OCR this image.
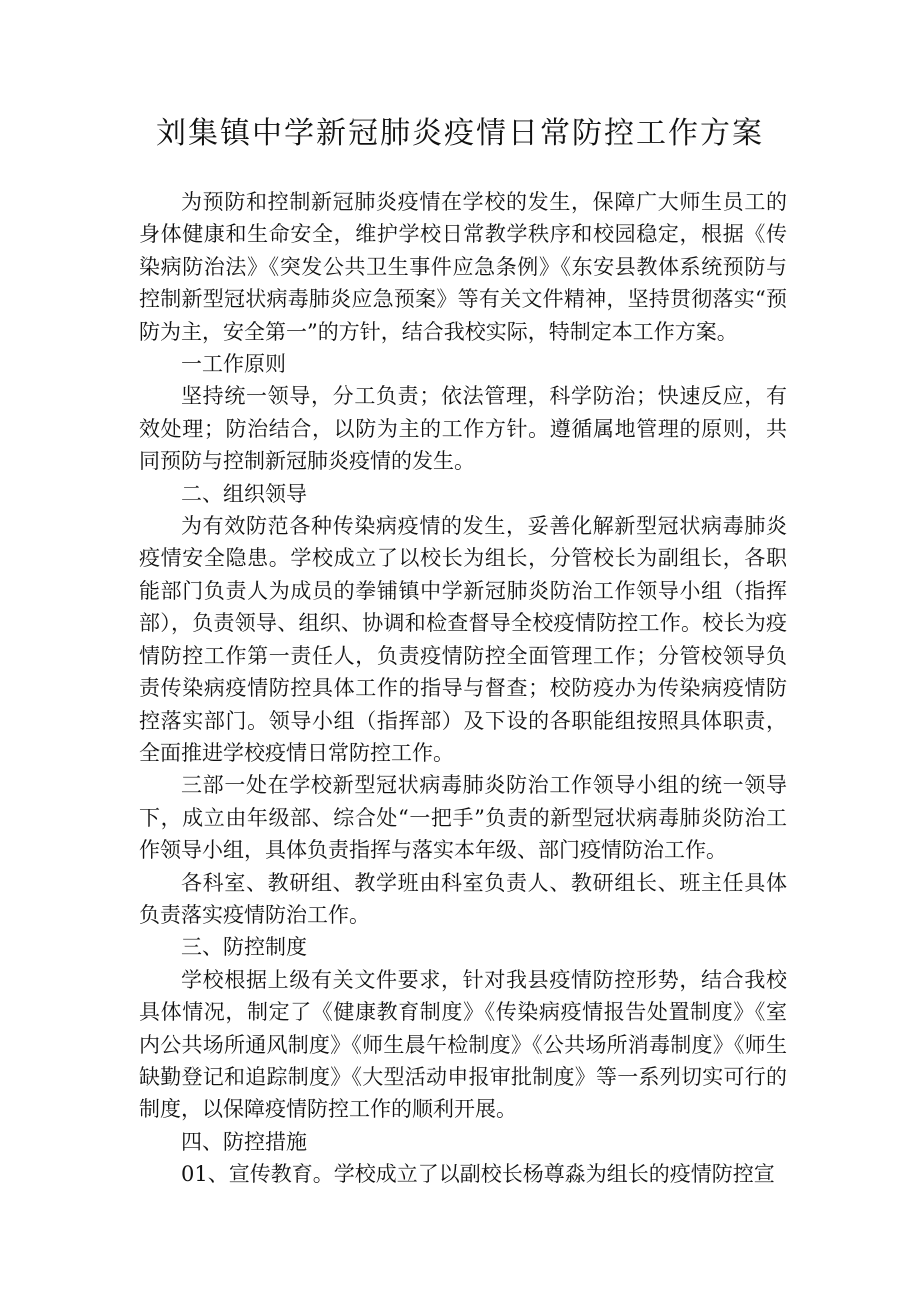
刘集镇中学新冠肺炎疫情日常防控工作方案

为预防和控制新冠肺炎疫情在学校的发生，保障广大师生员工的身体健康和生命安全，维护学校日常教学秩序和校园稳定，根据《传染病防治法》《突发公共卫生事件应急条例》《东安县教体系统预防与控制新型冠状病毒肺炎应急预案》等有关文件精神，坚持贯彻落实“预防为主，安全第一”的方针，结合我校实际，特制定本工作方案。

一工作原则

坚持统一领导，分工负责；依法管理，科学防治；快速反应，有效处理；防治结合，以防为主的工作方针。遵循属地管理的原则，共同预防与控制新冠肺炎疫情的发生。

二、组织领导

为有效防范各种传染病疫情的发生，妥善化解新型冠状病毒肺炎疫情安全隐患。学校成立了以校长为组长，分管校长为副组长，各职能部门负责人为成员的拳铺镇中学新冠肺炎防治工作领导小组（指挥部），负责领导、组织、协调和检查督导全校疫情防控工作。校长为疫情防控工作第一责任人，负责疫情防控全面管理工作；分管校领导负责传染病疫情防控具体工作的指导与督查；校防疫办为传染病疫情防控落实部门。领导小组（指挥部）及下设的各职能组按照具体职责，全面推进学校疫情日常防控工作。

三部一处在学校新型冠状病毒肺炎防治工作领导小组的统一领导下，成立由年级部、综合处“一把手”负责的新型冠状病毒肺炎防治工作领导小组，具体负责指挥与落实本年级、部门疫情防治工作。

各科室、教研组、教学班由科室负责人、教研组长、班主任具体负责落实疫情防治工作。

三、防控制度

学校根据上级有关文件要求，针对我县疫情防控形势，结合我校具体情况，制定了《健康教育制度》《传染病疫情报告处置制度》《室内公共场所通风制度》《师生晨午检制度》《公共场所消毒制度》《师生缺勤登记和追踪制度》《大型活动申报审批制度》等一系列切实可行的制度，以保障疫情防控工作的顺利开展。

四、防控措施

01、宣传教育。学校成立了以副校长杨尊淼为组长的疫情防控宣
